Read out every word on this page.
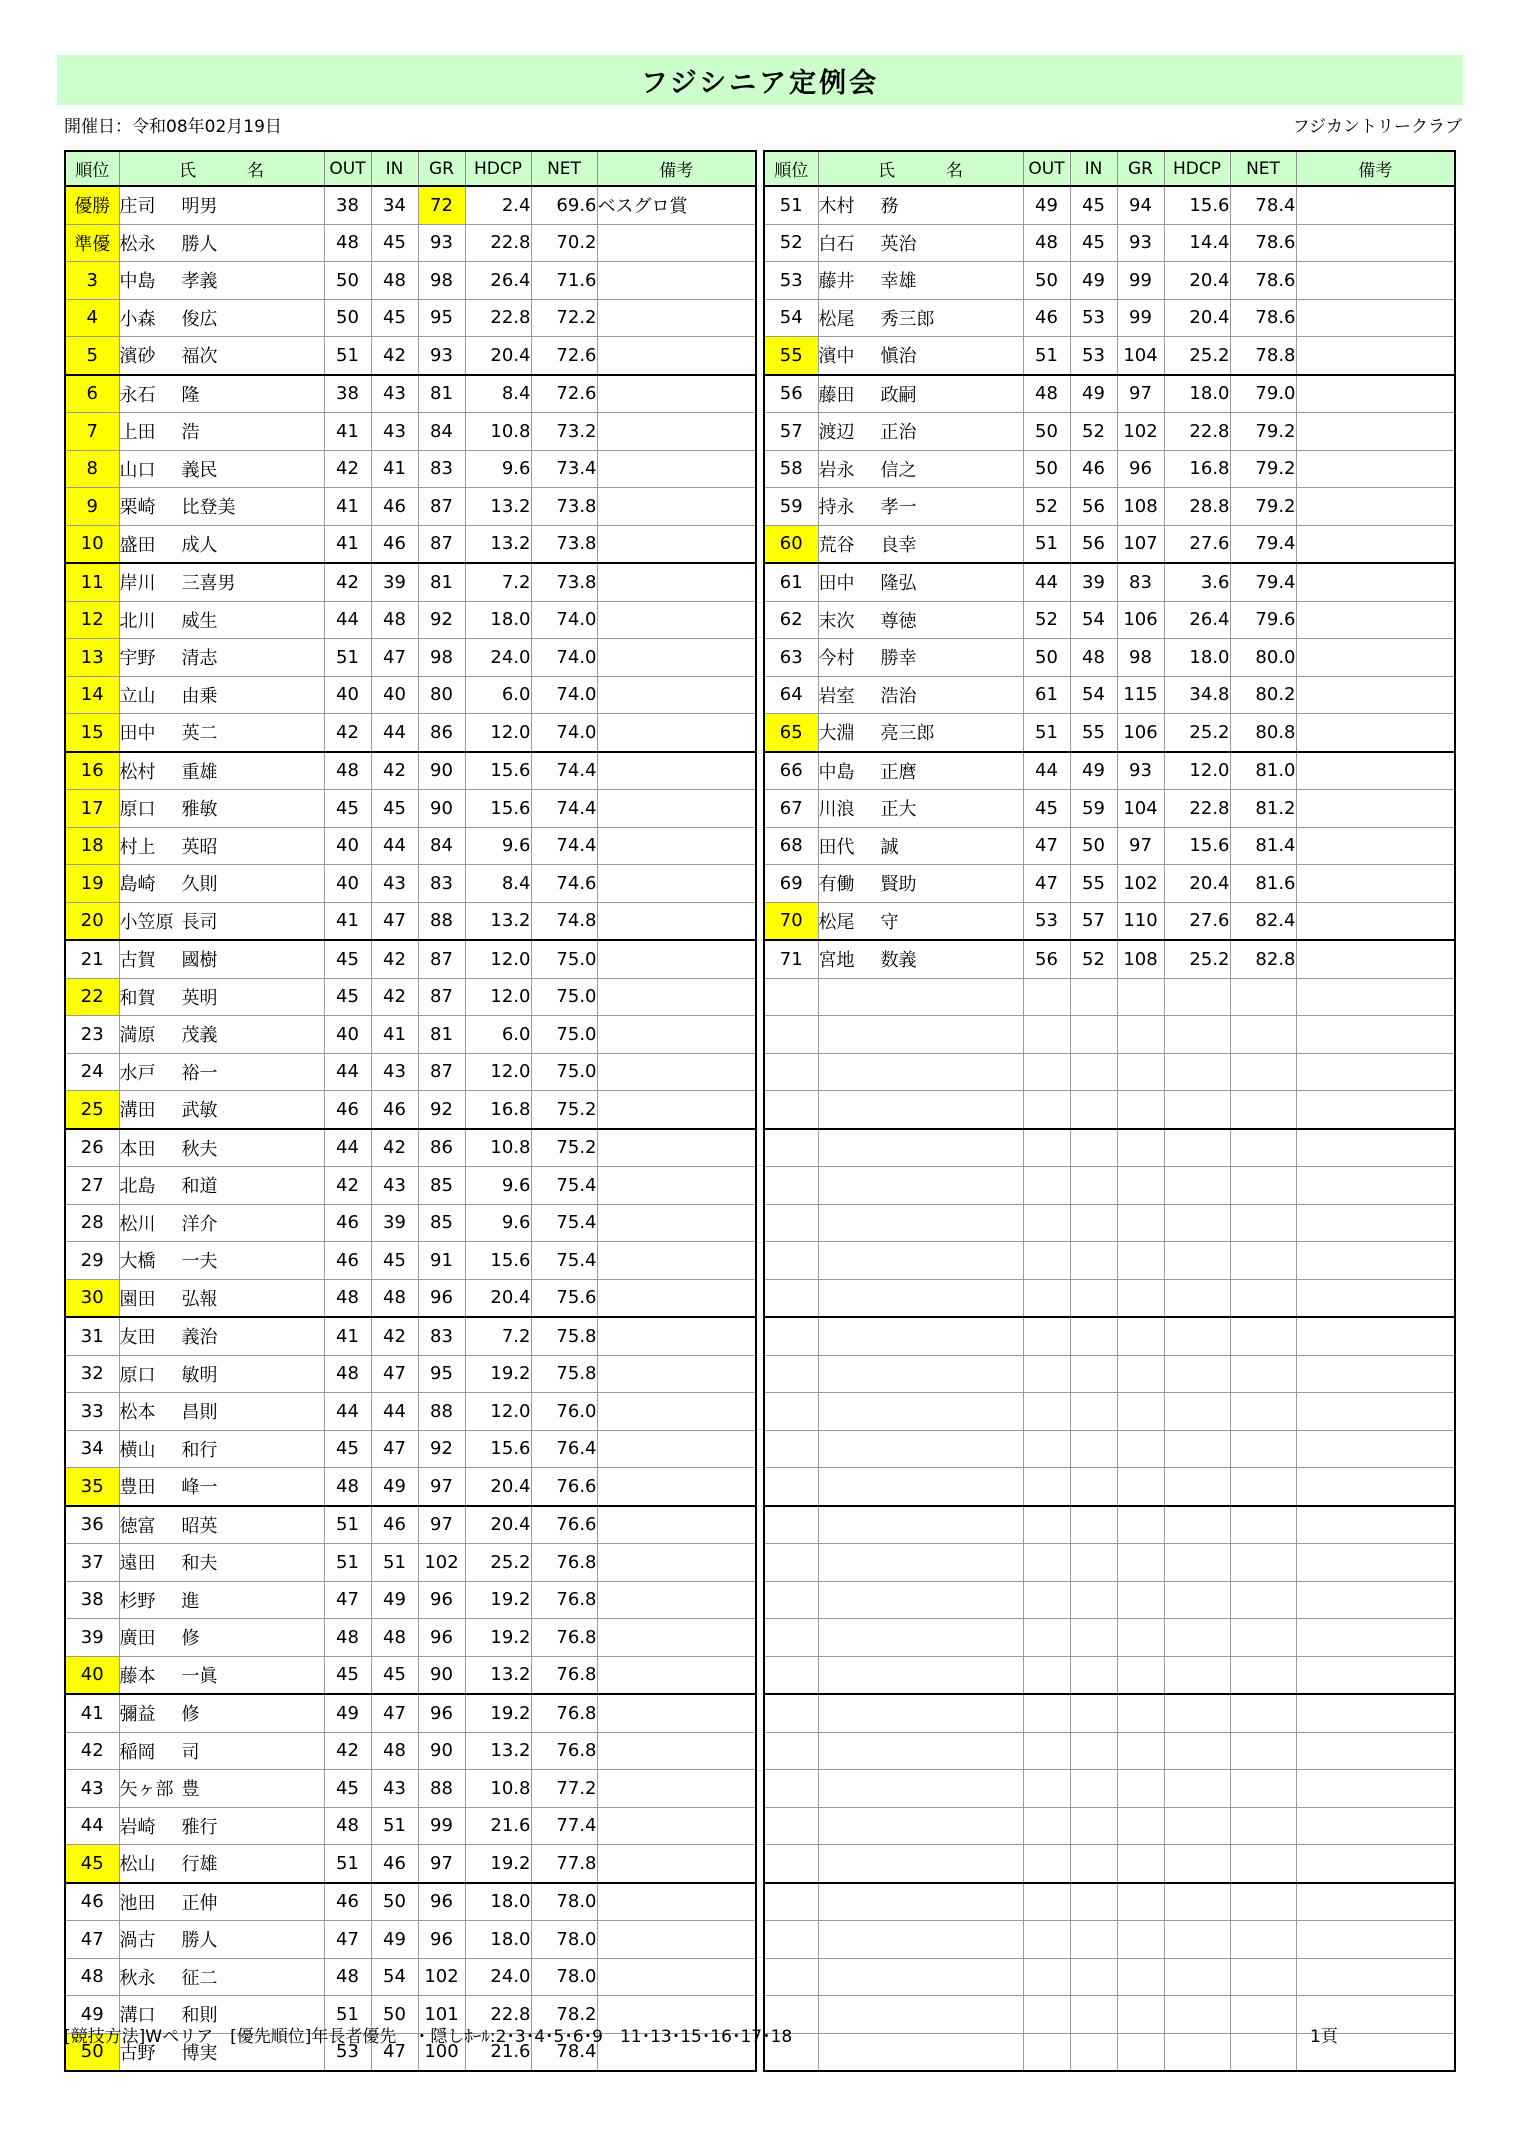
フジシニア定例会
開催日：令和08年02月19日	フジカントリークラブ
順位	氏　　　名	OUT	IN	GR	HDCP	NET	備考
優勝	庄司 明男	38	34	72	2.4	69.6	ベスグロ賞
準優	松永 勝人	48	45	93	22.8	70.2	
3	中島 孝義	50	48	98	26.4	71.6	
4	小森 俊広	50	45	95	22.8	72.2	
5	濱砂 福次	51	42	93	20.4	72.6	
6	永石 隆	38	43	81	8.4	72.6	
7	上田 浩	41	43	84	10.8	73.2	
8	山口 義民	42	41	83	9.6	73.4	
9	栗崎 比登美	41	46	87	13.2	73.8	
10	盛田 成人	41	46	87	13.2	73.8	
11	岸川 三喜男	42	39	81	7.2	73.8	
12	北川 威生	44	48	92	18.0	74.0	
13	宇野 清志	51	47	98	24.0	74.0	
14	立山 由乗	40	40	80	6.0	74.0	
15	田中 英二	42	44	86	12.0	74.0	
16	松村 重雄	48	42	90	15.6	74.4	
17	原口 雅敏	45	45	90	15.6	74.4	
18	村上 英昭	40	44	84	9.6	74.4	
19	島崎 久則	40	43	83	8.4	74.6	
20	小笠原 長司	41	47	88	13.2	74.8	
21	古賀 國樹	45	42	87	12.0	75.0	
22	和賀 英明	45	42	87	12.0	75.0	
23	満原 茂義	40	41	81	6.0	75.0	
24	水戸 裕一	44	43	87	12.0	75.0	
25	溝田 武敏	46	46	92	16.8	75.2	
26	本田 秋夫	44	42	86	10.8	75.2	
27	北島 和道	42	43	85	9.6	75.4	
28	松川 洋介	46	39	85	9.6	75.4	
29	大橋 一夫	46	45	91	15.6	75.4	
30	園田 弘報	48	48	96	20.4	75.6	
31	友田 義治	41	42	83	7.2	75.8	
32	原口 敏明	48	47	95	19.2	75.8	
33	松本 昌則	44	44	88	12.0	76.0	
34	横山 和行	45	47	92	15.6	76.4	
35	豊田 峰一	48	49	97	20.4	76.6	
36	徳富 昭英	51	46	97	20.4	76.6	
37	遠田 和夫	51	51	102	25.2	76.8	
38	杉野 進	47	49	96	19.2	76.8	
39	廣田 修	48	48	96	19.2	76.8	
40	藤本 一眞	45	45	90	13.2	76.8	
41	彌益 修	49	47	96	19.2	76.8	
42	稲岡 司	42	48	90	13.2	76.8	
43	矢ヶ部 豊	45	43	88	10.8	77.2	
44	岩崎 雅行	48	51	99	21.6	77.4	
45	松山 行雄	51	46	97	19.2	77.8	
46	池田 正伸	46	50	96	18.0	78.0	
47	渦古 勝人	47	49	96	18.0	78.0	
48	秋永 征二	48	54	102	24.0	78.0	
49	溝口 和則	51	50	101	22.8	78.2	
50	古野 博実	53	47	100	21.6	78.4	
順位	氏　　　名	OUT	IN	GR	HDCP	NET	備考
51	木村 務	49	45	94	15.6	78.4	
52	白石 英治	48	45	93	14.4	78.6	
53	藤井 幸雄	50	49	99	20.4	78.6	
54	松尾 秀三郎	46	53	99	20.4	78.6	
55	濱中 愼治	51	53	104	25.2	78.8	
56	藤田 政嗣	48	49	97	18.0	79.0	
57	渡辺 正治	50	52	102	22.8	79.2	
58	岩永 信之	50	46	96	16.8	79.2	
59	持永 孝一	52	56	108	28.8	79.2	
60	荒谷 良幸	51	56	107	27.6	79.4	
61	田中 隆弘	44	39	83	3.6	79.4	
62	末次 尊徳	52	54	106	26.4	79.6	
63	今村 勝幸	50	48	98	18.0	80.0	
64	岩室 浩治	61	54	115	34.8	80.2	
65	大淵 亮三郎	51	55	106	25.2	80.8	
66	中島 正麿	44	49	93	12.0	81.0	
67	川浪 正大	45	59	104	22.8	81.2	
68	田代 誠	47	50	97	15.6	81.4	
69	有働 賢助	47	55	102	20.4	81.6	
70	松尾 守	53	57	110	27.6	82.4	
71	宮地 数義	56	52	108	25.2	82.8	

[競技方法]Wペリア　[優先順位]年長者優先　・隠しﾎｰﾙ:2･3･4･5･6･9　11･13･15･16･17･18	1頁
